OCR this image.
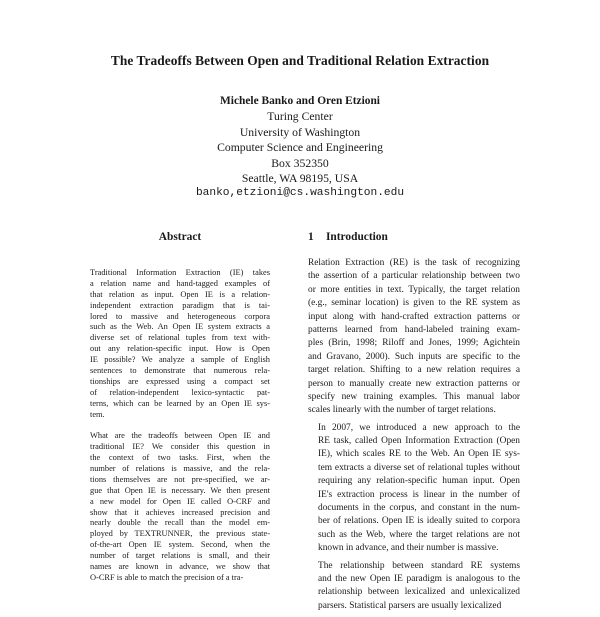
The Tradeoffs Between Open and Traditional Relation Extraction
Michele Banko and Oren Etzioni
Turing Center
University of Washington
Computer Science and Engineering
Box 352350
Seattle, WA 98195, USA
banko,etzioni@cs.washington.edu
Abstract
Traditional Information Extraction (IE) takes
a relation name and hand-tagged examples of
that relation as input. Open IE is a relation-
independent extraction paradigm that is tai-
lored to massive and heterogeneous corpora
such as the Web. An Open IE system extracts a
diverse set of relational tuples from text with-
out any relation-specific input. How is Open
IE possible? We analyze a sample of English
sentences to demonstrate that numerous rela-
tionships are expressed using a compact set
of relation-independent lexico-syntactic pat-
terns, which can be learned by an Open IE sys-
tem.
What are the tradeoffs between Open IE and
traditional IE? We consider this question in
the context of two tasks. First, when the
number of relations is massive, and the rela-
tions themselves are not pre-specified, we ar-
gue that Open IE is necessary. We then present
a new model for Open IE called O-CRF and
show that it achieves increased precision and
nearly double the recall than the model em-
ployed by TEXTRUNNER, the previous state-
of-the-art Open IE system. Second, when the
number of target relations is small, and their
names are known in advance, we show that
O-CRF is able to match the precision of a tra-
1 Introduction
Relation Extraction (RE) is the task of recognizing
the assertion of a particular relationship between two
or more entities in text. Typically, the target relation
(e.g., seminar location) is given to the RE system as
input along with hand-crafted extraction patterns or
patterns learned from hand-labeled training exam-
ples (Brin, 1998; Riloff and Jones, 1999; Agichtein
and Gravano, 2000). Such inputs are specific to the
target relation. Shifting to a new relation requires a
person to manually create new extraction patterns or
specify new training examples. This manual labor
scales linearly with the number of target relations.
In 2007, we introduced a new approach to the
RE task, called Open Information Extraction (Open
IE), which scales RE to the Web. An Open IE sys-
tem extracts a diverse set of relational tuples without
requiring any relation-specific human input. Open
IE's extraction process is linear in the number of
documents in the corpus, and constant in the num-
ber of relations. Open IE is ideally suited to corpora
such as the Web, where the target relations are not
known in advance, and their number is massive.
The relationship between standard RE systems
and the new Open IE paradigm is analogous to the
relationship between lexicalized and unlexicalized
parsers. Statistical parsers are usually lexicalized
